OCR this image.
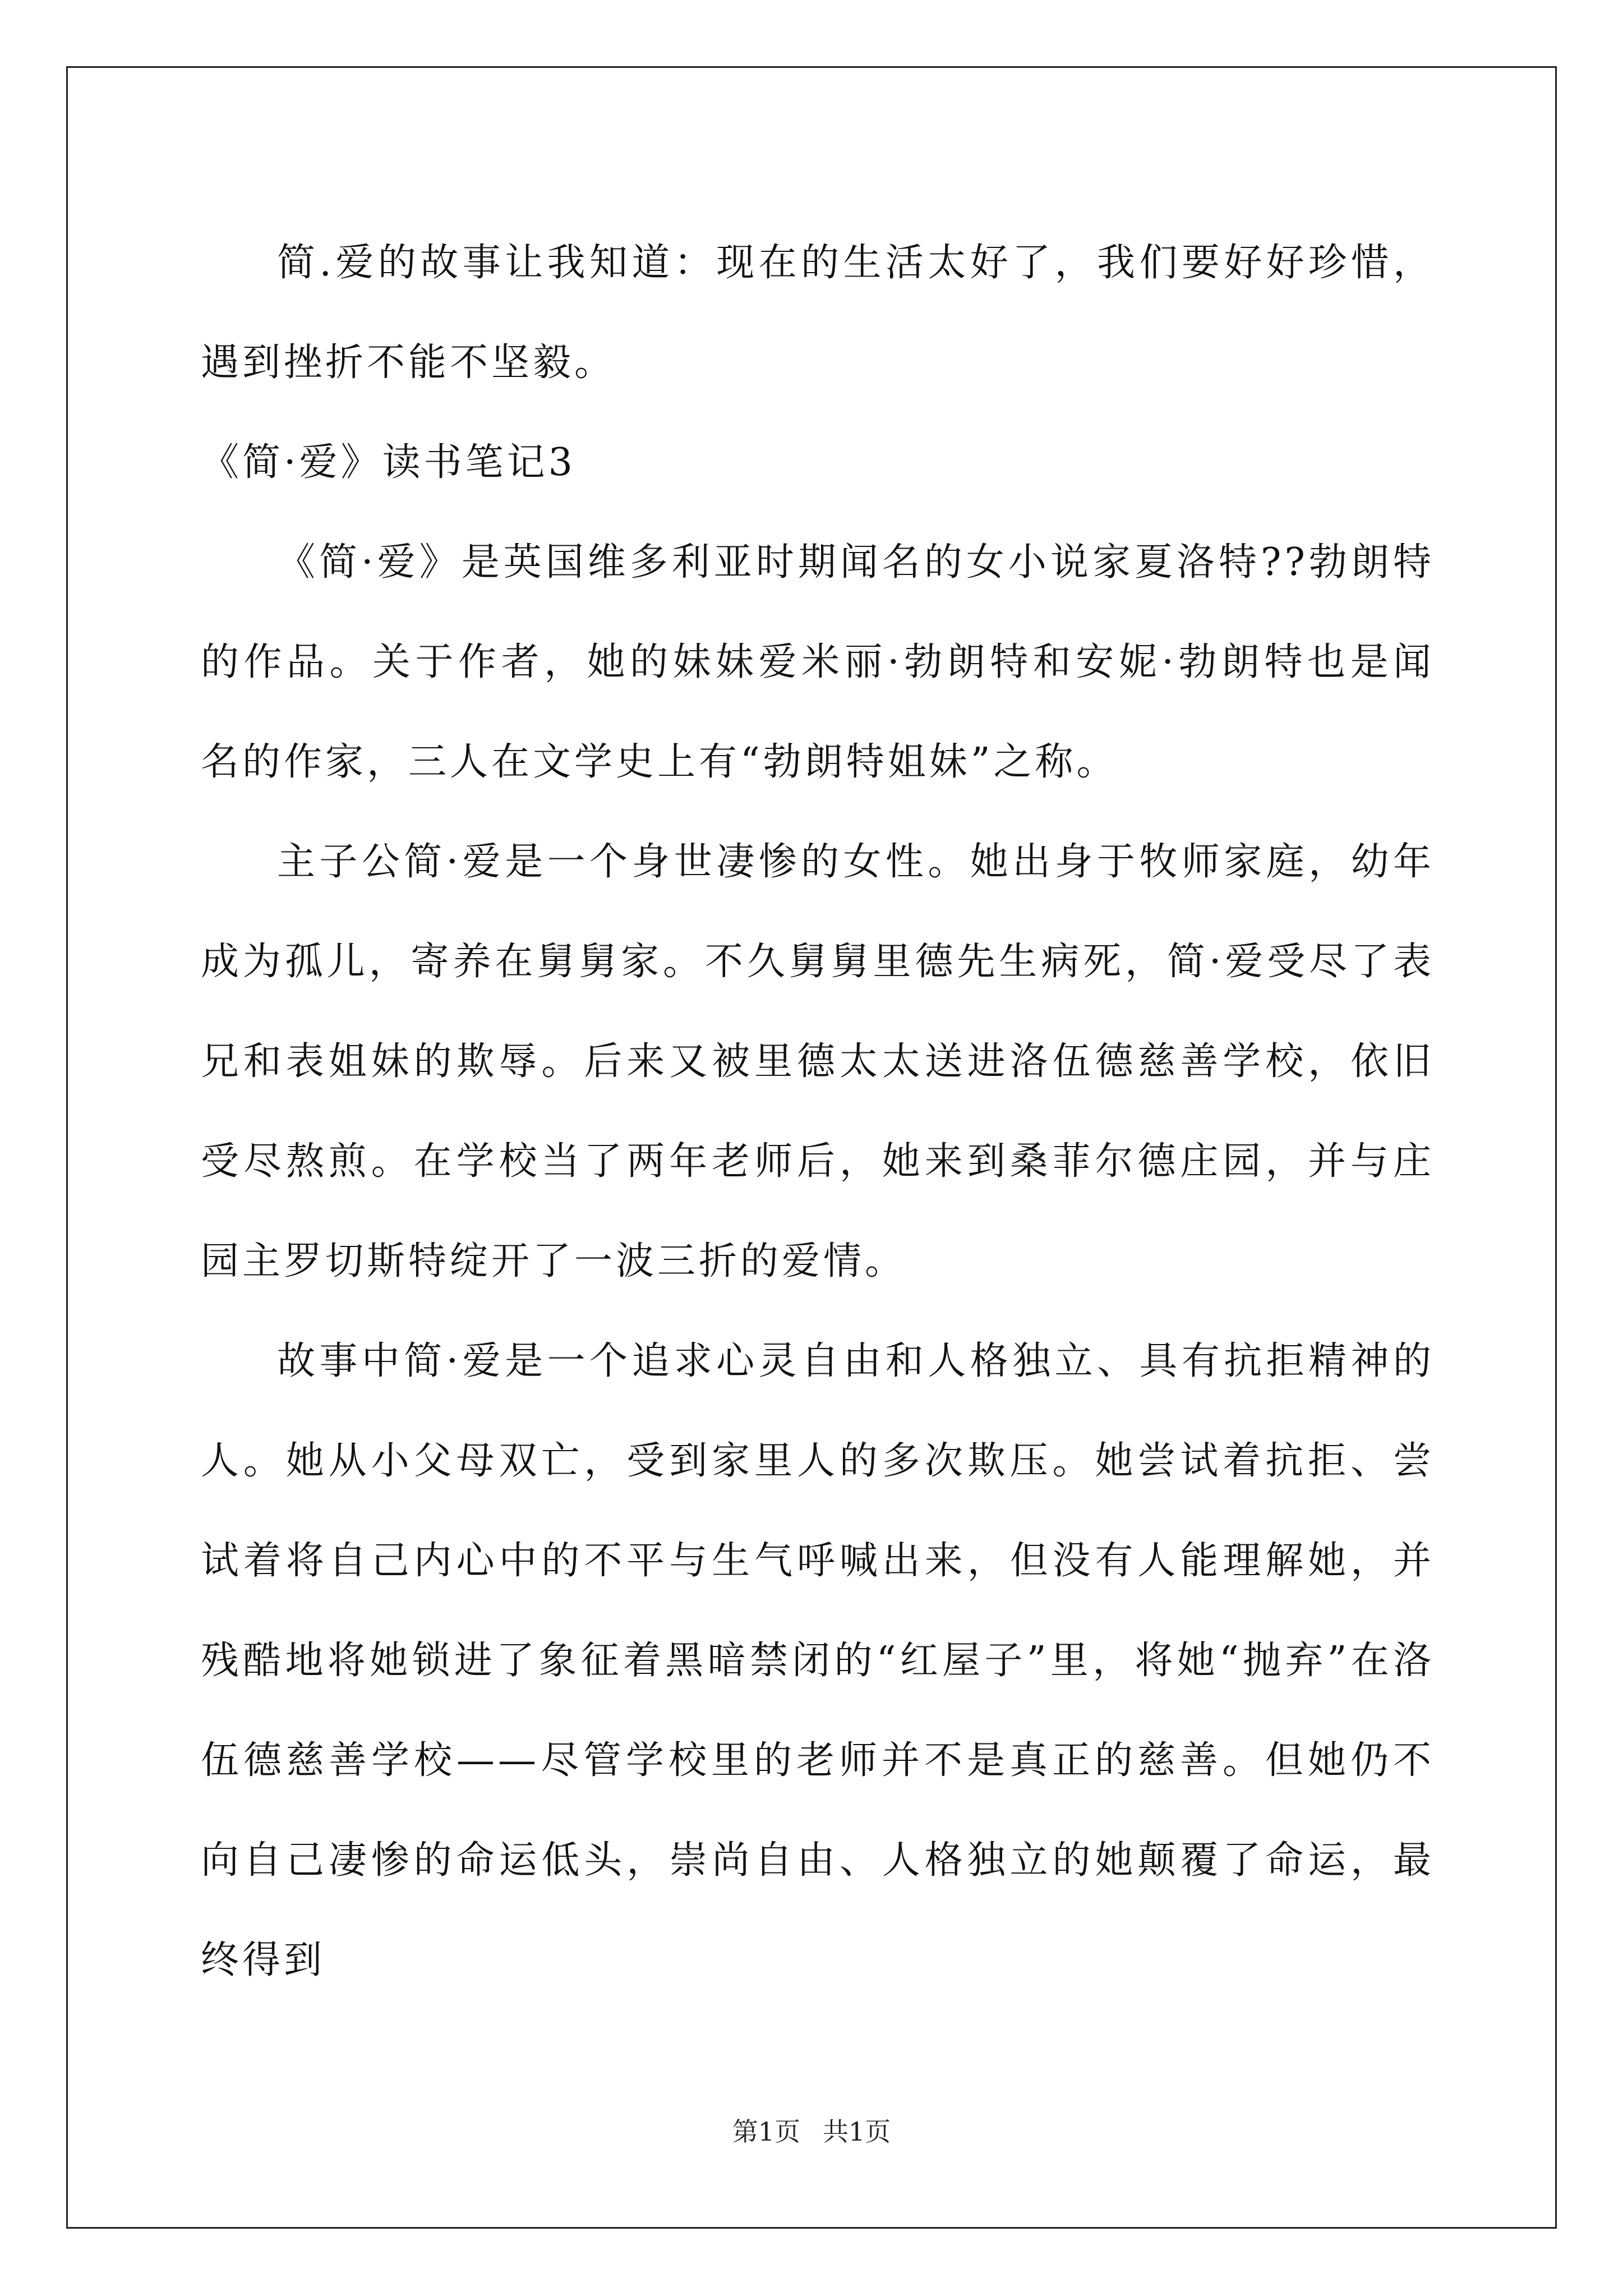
简.爱的故事让我知道：现在的生活太好了，我们要好好珍惜，遇到挫折不能不坚毅。

《简·爱》读书笔记3

《简·爱》是英国维多利亚时期闻名的女小说家夏洛特??勃朗特的作品。关于作者，她的妹妹爱米丽·勃朗特和安妮·勃朗特也是闻名的作家，三人在文学史上有“勃朗特姐妹”之称。

主子公简·爱是一个身世凄惨的女性。她出身于牧师家庭，幼年成为孤儿，寄养在舅舅家。不久舅舅里德先生病死，简·爱受尽了表兄和表姐妹的欺辱。后来又被里德太太送进洛伍德慈善学校，依旧受尽熬煎。在学校当了两年老师后，她来到桑菲尔德庄园，并与庄园主罗切斯特绽开了一波三折的爱情。

故事中简·爱是一个追求心灵自由和人格独立、具有抗拒精神的人。她从小父母双亡，受到家里人的多次欺压。她尝试着抗拒、尝试着将自己内心中的不平与生气呼喊出来，但没有人能理解她，并残酷地将她锁进了象征着黑暗禁闭的“红屋子”里，将她“抛弃”在洛伍德慈善学校——尽管学校里的老师并不是真正的慈善。但她仍不向自己凄惨的命运低头，崇尚自由、人格独立的她颠覆了命运，最终得到

第1页 共1页
